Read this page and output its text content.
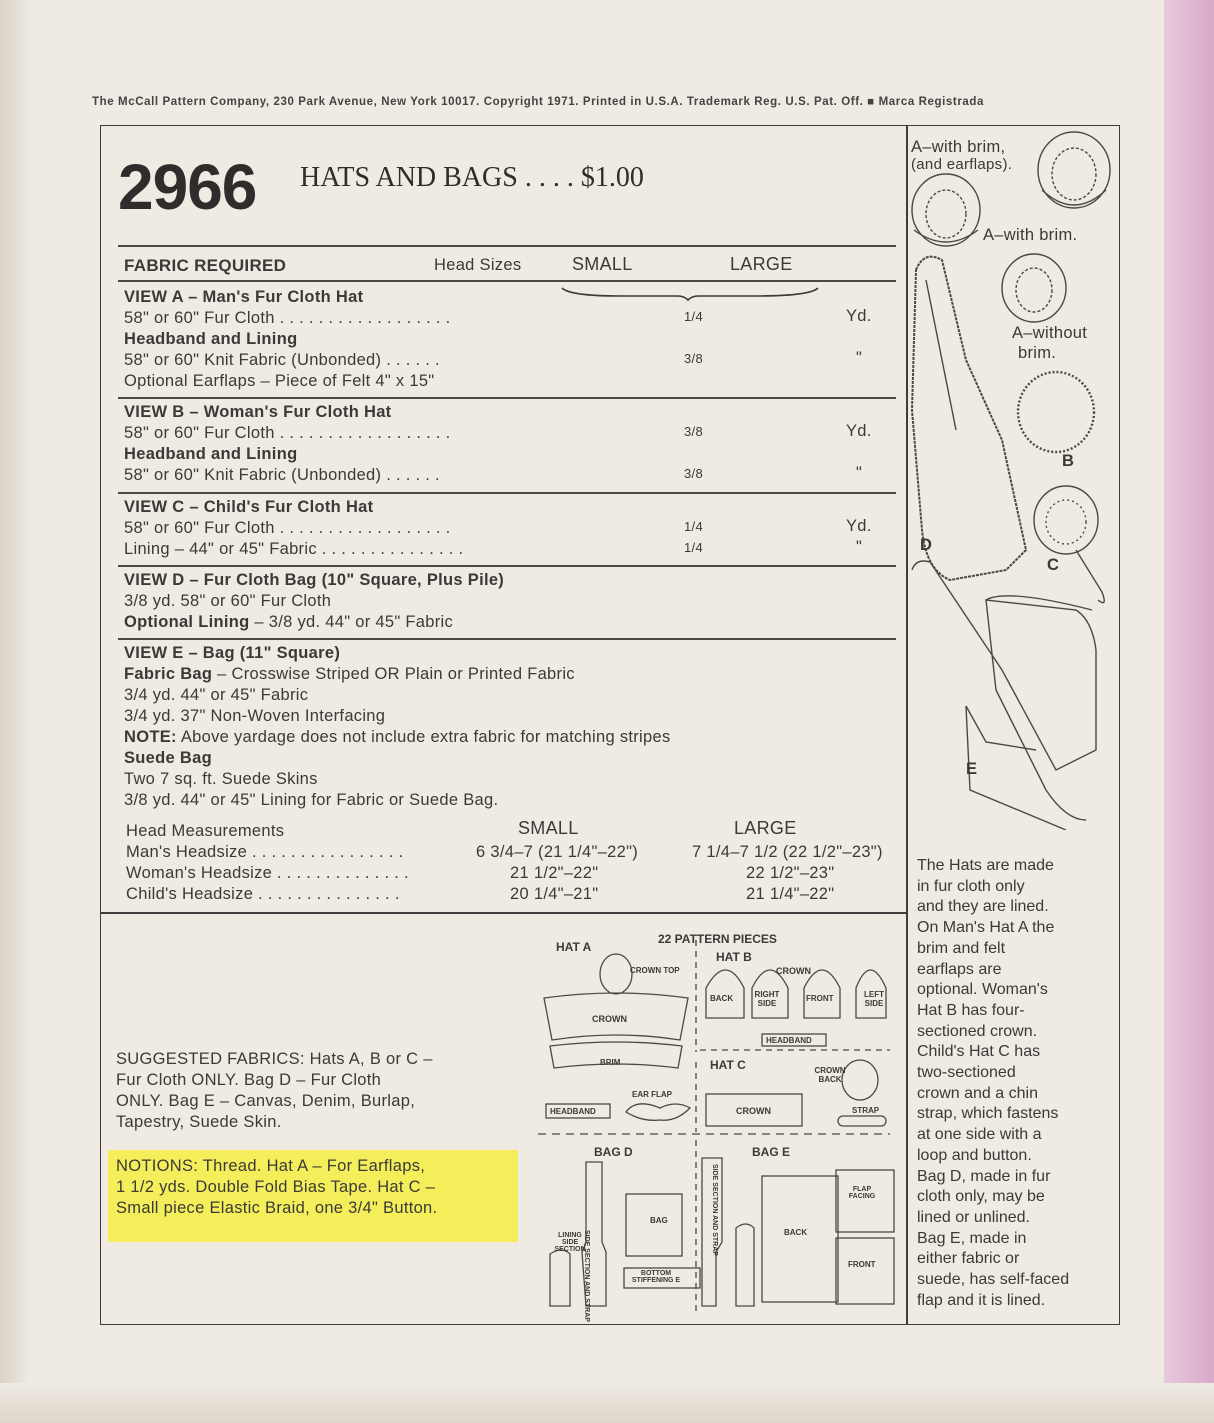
The McCall Pattern Company, 230 Park Avenue, New York 10017. Copyright 1971. Printed in U.S.A. Trademark Reg. U.S. Pat. Off. ■ Marca Registrada
2966 HATS AND BAGS . . . . $1.00
FABRIC REQUIRED	Head Sizes	SMALL	LARGE
VIEW A – Man's Fur Cloth Hat
58" or 60" Fur Cloth . . . . . . . . . . . . . . . . . .	1/4	Yd.
Headband and Lining
58" or 60" Knit Fabric (Unbonded) . . . . . .	3/8	"
Optional Earflaps – Piece of Felt 4" x 15"
VIEW B – Woman's Fur Cloth Hat
58" or 60" Fur Cloth . . . . . . . . . . . . . . . . . .	3/8	Yd.
Headband and Lining
58" or 60" Knit Fabric (Unbonded) . . . . . .	3/8	"
VIEW C – Child's Fur Cloth Hat
58" or 60" Fur Cloth . . . . . . . . . . . . . . . . . .	1/4	Yd.
Lining – 44" or 45" Fabric . . . . . . . . . . . . . . .	1/4	"
VIEW D – Fur Cloth Bag (10" Square, Plus Pile)
3/8 yd. 58" or 60" Fur Cloth
Optional Lining – 3/8 yd. 44" or 45" Fabric
VIEW E – Bag (11" Square)
Fabric Bag – Crosswise Striped OR Plain or Printed Fabric
3/4 yd. 44" or 45" Fabric
3/4 yd. 37" Non-Woven Interfacing
NOTE: Above yardage does not include extra fabric for matching stripes
Suede Bag
Two 7 sq. ft. Suede Skins
3/8 yd. 44" or 45" Lining for Fabric or Suede Bag.
Head Measurements	SMALL	LARGE
Man's Headsize . . . . . . . . . . . . . . . .	6 3/4–7 (21 1/4"–22")	7 1/4–7 1/2 (22 1/2"–23")
Woman's Headsize . . . . . . . . . . . . . .	21 1/2"–22"	22 1/2"–23"
Child's Headsize . . . . . . . . . . . . . . .	20 1/4"–21"	21 1/4"–22"
SUGGESTED FABRICS: Hats A, B or C –
Fur Cloth ONLY. Bag D – Fur Cloth
ONLY. Bag E – Canvas, Denim, Burlap,
Tapestry, Suede Skin.
NOTIONS: Thread. Hat A – For Earflaps,
1 1/2 yds. Double Fold Bias Tape. Hat C –
Small piece Elastic Braid, one 3/4" Button.
A–with brim,
(and earflaps).
A–with brim.
A–without
brim.
B
C
D
E
The Hats are made
in fur cloth only
and they are lined.
On Man's Hat A the
brim and felt
earflaps are
optional. Woman's
Hat B has four-
sectioned crown.
Child's Hat C has
two-sectioned
crown and a chin
strap, which fastens
at one side with a
loop and button.
Bag D, made in fur
cloth only, may be
lined or unlined.
Bag E, made in
either fabric or
suede, has self-faced
flap and it is lined.
22 PATTERN PIECES
HAT A
HAT B
CROWN TOP	CROWN
CROWN
BACK	RIGHT SIDE
FRONT	LEFT SIDE
HEADBAND
BRIM	HAT C	CROWN BACK
EAR FLAP
HEADBAND	CROWN	STRAP
BAG D	BAG E
BAG
LINING SIDE SECTION
BOTTOM STIFFENING E
BACK
FLAP FACING
FRONT
SIDE SECTION AND STRAP
SIDE SECTION AND STRAP
